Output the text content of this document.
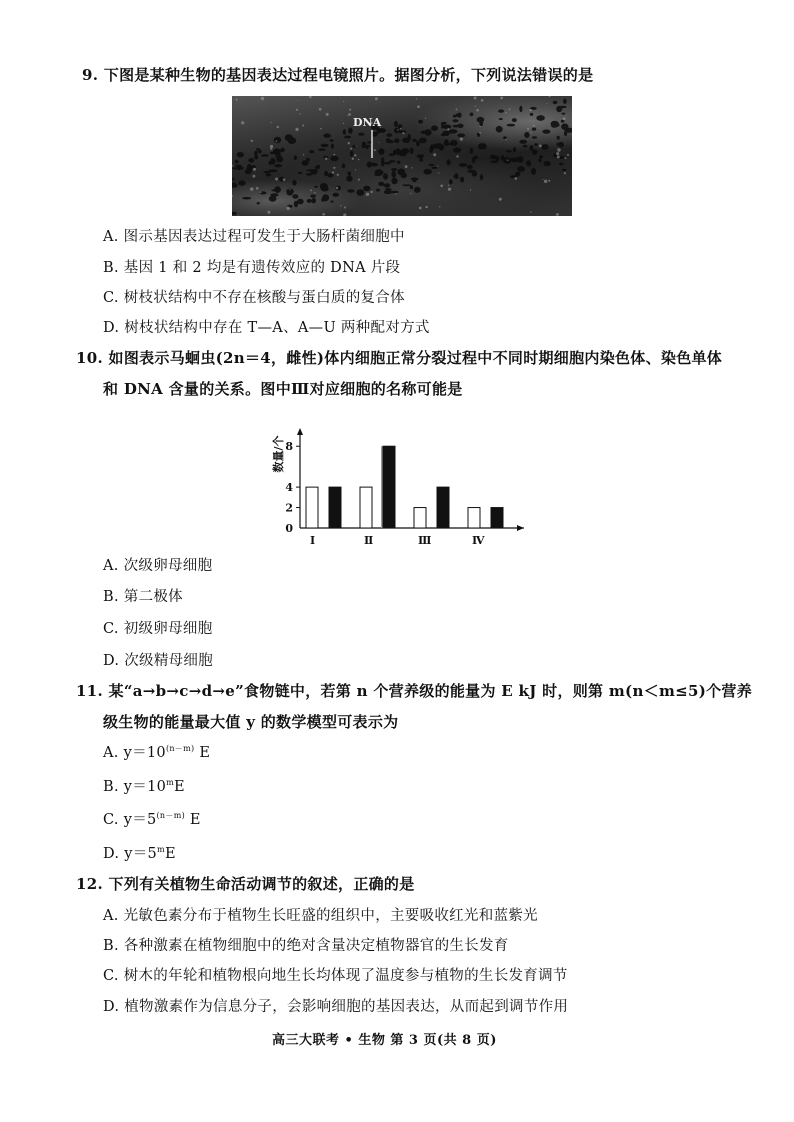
9. 下图是某种生物的基因表达过程电镜照片。据图分析，下列说法错误的是
DNA
A. 图示基因表达过程可发生于大肠杆菌细胞中
B. 基因 1 和 2 均是有遗传效应的 DNA 片段
C. 树枝状结构中不存在核酸与蛋白质的复合体
D. 树枝状结构中存在 T—A、A—U 两种配对方式
10. 如图表示马蛔虫(2n＝4，雌性)体内细胞正常分裂过程中不同时期细胞内染色体、染色单体
和 DNA 含量的关系。图中Ⅲ对应细胞的名称可能是
0
2
4
8
数量/个
Ⅰ	Ⅱ	Ⅲ	Ⅳ
A. 次级卵母细胞
B. 第二极体
C. 初级卵母细胞
D. 次级精母细胞
11. 某“a→b→c→d→e”食物链中，若第 n 个营养级的能量为 E kJ 时，则第 m(n＜m≤5)个营养
级生物的能量最大值 y 的数学模型可表示为
A. $y=10^{(n-m)}$ E
B. $y=10^mE$
C. $y=5^{(n-m)}$ E
D. $y=5^mE$
12. 下列有关植物生命活动调节的叙述，正确的是
A. 光敏色素分布于植物生长旺盛的组织中，主要吸收红光和蓝紫光
B. 各种激素在植物细胞中的绝对含量决定植物器官的生长发育
C. 树木的年轮和植物根向地生长均体现了温度参与植物的生长发育调节
D. 植物激素作为信息分子，会影响细胞的基因表达，从而起到调节作用
高三大联考 • 生物 第 3 页(共 8 页)
